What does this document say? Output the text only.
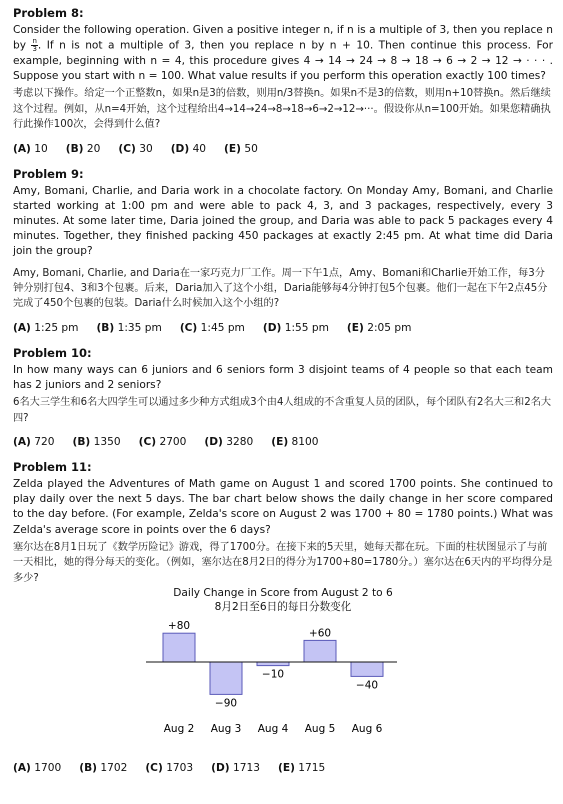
Problem 8:

Consider the following operation. Given a positive integer n, if n is a multiple of 3, then you replace n by $\frac{n}{3}$ . If n is not a multiple of 3, then you replace n by n + 10. Then continue this process. For example, beginning with n = 4, this procedure gives 4 → 14 → 24 → 8 → 18 → 6 → 2 → 12 → · · · . Suppose you start with n = 100. What value results if you perform this operation exactly 100 times?

考虑以下操作。给定一个正整数n，如果n是3的倍数，则用n/3替换n。如果n不是3的倍数，则用n+10替换n。然后继续这个过程。例如，从n=4开始，这个过程给出4→14→24→8→18→6→2→12→···。假设你从n=100开始。如果您精确执行此操作100次，会得到什么值?

(A) 10 (B) 20 (C) 30 (D) 40 (E) 50
Problem 9:

Amy, Bomani, Charlie, and Daria work in a chocolate factory. On Monday Amy, Bomani, and Charlie started working at 1:00 pm and were able to pack 4, 3, and 3 packages, respectively, every 3 minutes. At some later time, Daria joined the group, and Daria was able to pack 5 packages every 4 minutes. Together, they finished packing 450 packages at exactly 2:45 pm. At what time did Daria join the group?

Amy, Bomani, Charlie, and Daria在一家巧克力厂工作。周一下午1点，Amy、Bomani和Charlie开始工作，每3分钟分别打包4、3和3个包裹。后来，Daria加入了这个小组，Daria能够每4分钟打包5个包裹。他们一起在下午2点45分完成了450个包裹的包装。Daria什么时候加入这个小组的?

(A) 1:25 pm (B) 1:35 pm (C) 1:45 pm (D) 1:55 pm (E) 2:05 pm
Problem 10:

In how many ways can 6 juniors and 6 seniors form 3 disjoint teams of 4 people so that each team has 2 juniors and 2 seniors?

6名大三学生和6名大四学生可以通过多少种方式组成3个由4人组成的不含重复人员的团队，每个团队有2名大三和2名大四?

(A) 720 (B) 1350 (C) 2700 (D) 3280 (E) 8100
Problem 11:

Zelda played the Adventures of Math game on August 1 and scored 1700 points. She continued to play daily over the next 5 days. The bar chart below shows the daily change in her score compared to the day before. (For example, Zelda's score on August 2 was 1700 + 80 = 1780 points.) What was Zelda's average score in points over the 6 days?

塞尔达在8月1日玩了《数学历险记》游戏，得了1700分。在接下来的5天里，她每天都在玩。下面的柱状图显示了与前一天相比，她的得分每天的变化。（例如，塞尔达在8月2日的得分为1700+80=1780分。）塞尔达在6天内的平均得分是多少?

Daily Change in Score from August 2 to 6
8月2日至6日的每日分数变化
+80
Aug 2
−90
Aug 3
−10
Aug 4
+60
Aug 5
−40
Aug 6
(A) 1700 (B) 1702 (C) 1703 (D) 1713 (E) 1715
